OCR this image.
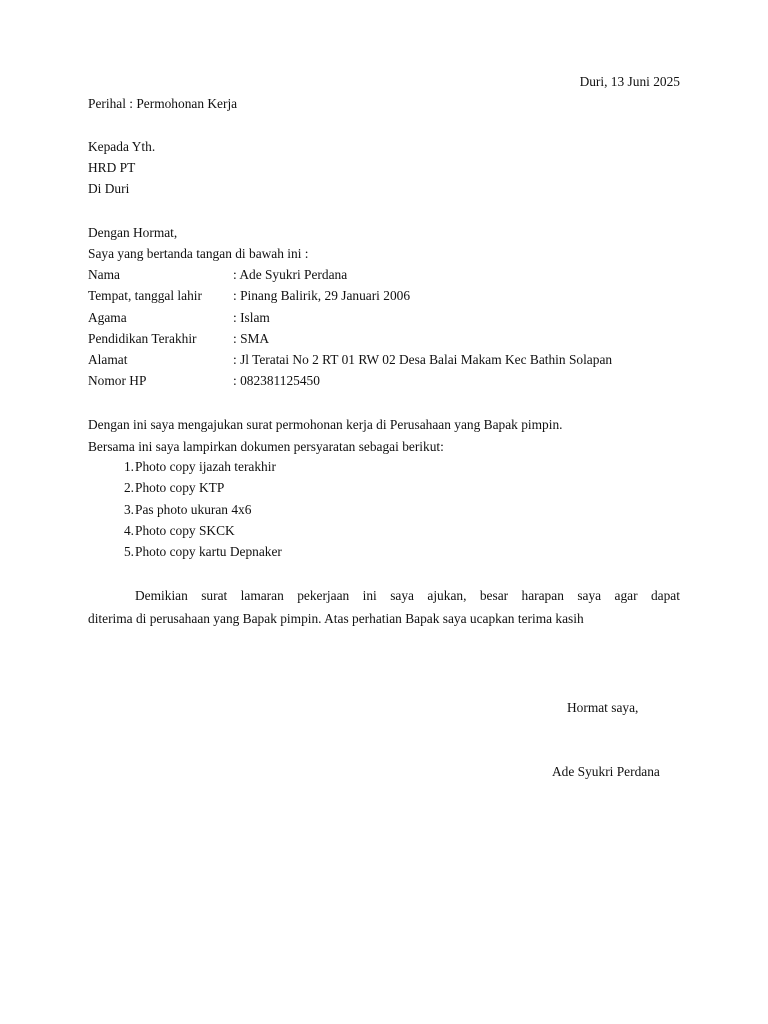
Duri, 13 Juni 2025
Perihal : Permohonan Kerja
Kepada Yth.
HRD PT
Di Duri
Dengan Hormat,
Saya yang bertanda tangan di bawah ini :
Nama	: Ade Syukri Perdana
Tempat, tanggal lahir	: Pinang Balirik, 29 Januari 2006
Agama	: Islam
Pendidikan Terakhir	: SMA
Alamat	: Jl Teratai No 2 RT 01 RW 02 Desa Balai Makam Kec Bathin Solapan
Nomor HP	: 082381125450
Dengan ini saya mengajukan surat permohonan kerja di Perusahaan yang Bapak pimpin.
Bersama ini saya lampirkan dokumen persyaratan sebagai berikut:
1. Photo copy ijazah terakhir
2. Photo copy KTP
3. Pas photo ukuran 4x6
4. Photo copy SKCK
5. Photo copy kartu Depnaker
Demikian surat lamaran pekerjaan ini saya ajukan, besar harapan saya agar dapat
diterima di perusahaan yang Bapak pimpin. Atas perhatian Bapak saya ucapkan terima kasih
Hormat saya,
Ade Syukri Perdana
